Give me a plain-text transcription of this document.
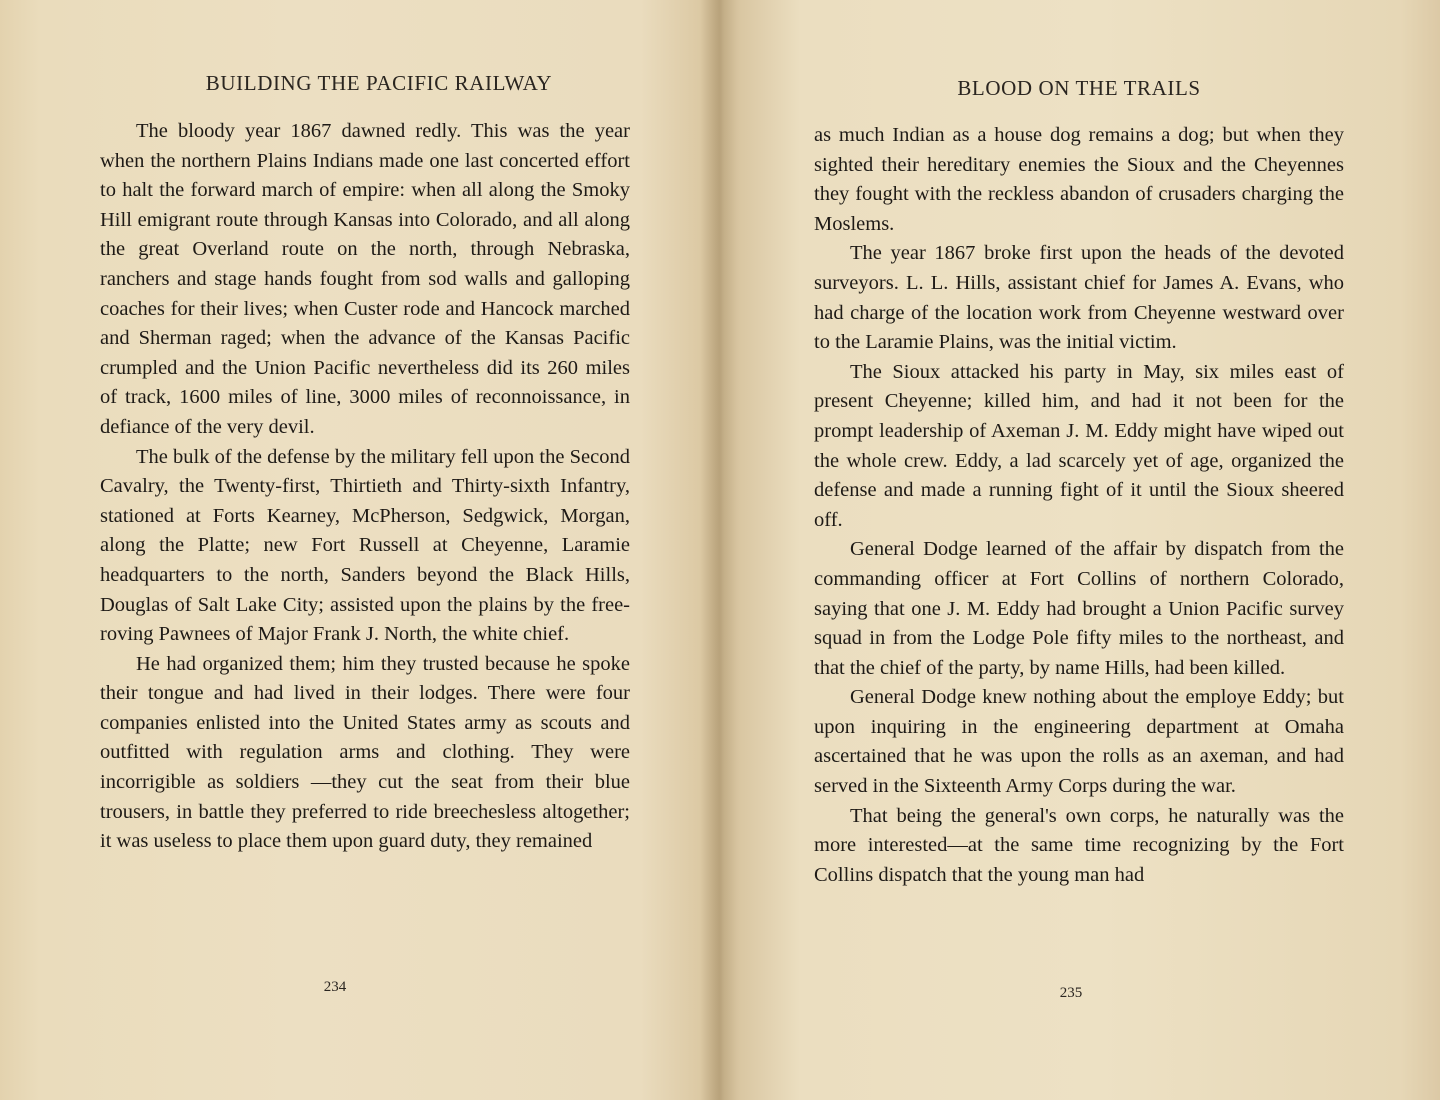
BUILDING THE PACIFIC RAILWAY

The bloody year 1867 dawned redly. This was the year when the northern Plains Indians made one last concerted effort to halt the forward march of empire: when all along the Smoky Hill emigrant route through Kansas into Colorado, and all along the great Overland route on the north, through Nebraska, ranchers and stage hands fought from sod walls and galloping coaches for their lives; when Custer rode and Hancock marched and Sherman raged; when the advance of the Kansas Pacific crumpled and the Union Pacific nevertheless did its 260 miles of track, 1600 miles of line, 3000 miles of reconnoissance, in defiance of the very devil.

The bulk of the defense by the military fell upon the Second Cavalry, the Twenty-first, Thirtieth and Thirty-sixth Infantry, stationed at Forts Kearney, McPherson, Sedgwick, Morgan, along the Platte; new Fort Russell at Cheyenne, Laramie headquarters to the north, Sanders beyond the Black Hills, Douglas of Salt Lake City; assisted upon the plains by the free-roving Pawnees of Major Frank J. North, the white chief.

He had organized them; him they trusted because he spoke their tongue and had lived in their lodges. There were four companies enlisted into the United States army as scouts and outfitted with regulation arms and clothing. They were incorrigible as soldiers —they cut the seat from their blue trousers, in battle they preferred to ride breechesless altogether; it was useless to place them upon guard duty, they remained

234
BLOOD ON THE TRAILS

as much Indian as a house dog remains a dog; but when they sighted their hereditary enemies the Sioux and the Cheyennes they fought with the reckless abandon of crusaders charging the Moslems.

The year 1867 broke first upon the heads of the devoted surveyors. L. L. Hills, assistant chief for James A. Evans, who had charge of the location work from Cheyenne westward over to the Laramie Plains, was the initial victim.

The Sioux attacked his party in May, six miles east of present Cheyenne; killed him, and had it not been for the prompt leadership of Axeman J. M. Eddy might have wiped out the whole crew. Eddy, a lad scarcely yet of age, organized the defense and made a running fight of it until the Sioux sheered off.

General Dodge learned of the affair by dispatch from the commanding officer at Fort Collins of northern Colorado, saying that one J. M. Eddy had brought a Union Pacific survey squad in from the Lodge Pole fifty miles to the northeast, and that the chief of the party, by name Hills, had been killed.

General Dodge knew nothing about the employe Eddy; but upon inquiring in the engineering department at Omaha ascertained that he was upon the rolls as an axeman, and had served in the Sixteenth Army Corps during the war.

That being the general's own corps, he naturally was the more interested—at the same time recognizing by the Fort Collins dispatch that the young man had

235
